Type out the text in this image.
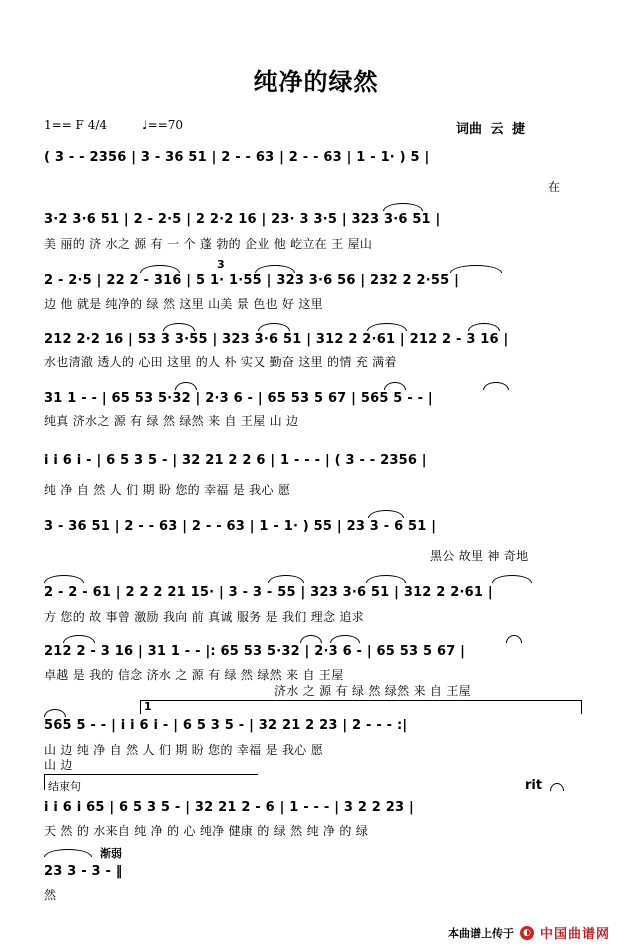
纯净的绿然
1== F 4/4	♩==70	词曲 云 捷
( 3 - - 2356 | 3 - 36 51 | 2 - - 63 | 2 - - 63 | 1 - 1· ) 5 |
在
3·2 3·6 51 | 2 - 2·5 | 2 2·2 16 | 23· 3 3·5 | 323 3·6 51 |
美 丽的 济 水之 源 有 一 个 蓬 勃的 企业 他 屹立在 王 屋山
3
2 - 2·5 | 22 2 - 316 | 5 1· 1·55 | 323 3·6 56 | 232 2 2·55 |
边 他 就是 纯净的 绿 然 这里 山美 景 色也 好 这里
212 2·2 16 | 53 3 3·55 | 323 3·6 51 | 312 2 2·61 | 212 2 - 3 16 |
水也清澈 透人的 心田 这里 的人 朴 实又 勤奋 这里 的情 充 满着
31 1 - - | 65 53 5·32 | 2·3 6 - | 65 53 5 67 | 565 5 - - |
纯真 济水之 源 有 绿 然 绿然 来 自 王屋 山 边
i i 6 i - | 6 5 3 5 - | 32 21 2 2 6 | 1 - - - | ( 3 - - 2356 |
纯 净 自 然 人 们 期 盼 您的 幸福 是 我心 愿
3 - 36 51 | 2 - - 63 | 2 - - 63 | 1 - 1· ) 55 | 23 3 - 6 51 |
黑公 故里 神 奇地
2 - 2 - 61 | 2 2 2 21 15· | 3 - 3 - 55 | 323 3·6 51 | 312 2 2·61 |
方 您的 故 事曾 激励 我向 前 真诚 服务 是 我们 理念 追求
212 2 - 3 16 | 31 1 - - |: 65 53 5·32 | 2·3 6 - | 65 53 5 67 |
卓越 是 我的 信念 济水 之 源 有 绿 然 绿然 来 自 王屋
济水 之 源 有 绿 然 绿然 来 自 王屋
1
565 5 - - | i i 6 i - | 6 5 3 5 - | 32 21 2 23 | 2 - - - :|
山 边 纯 净 自 然 人 们 期 盼 您的 幸福 是 我心 愿
山 边
结束句	rit
i i 6 i 65 | 6 5 3 5 - | 32 21 2 - 6 | 1 - - - | 3 2 2 23 |
天 然 的 水来自 纯 净 的 心 纯净 健康 的 绿 然 纯 净 的 绿
渐弱
23 3 - 3 - ‖
然
本曲谱上传于	◐ 中国曲谱网
